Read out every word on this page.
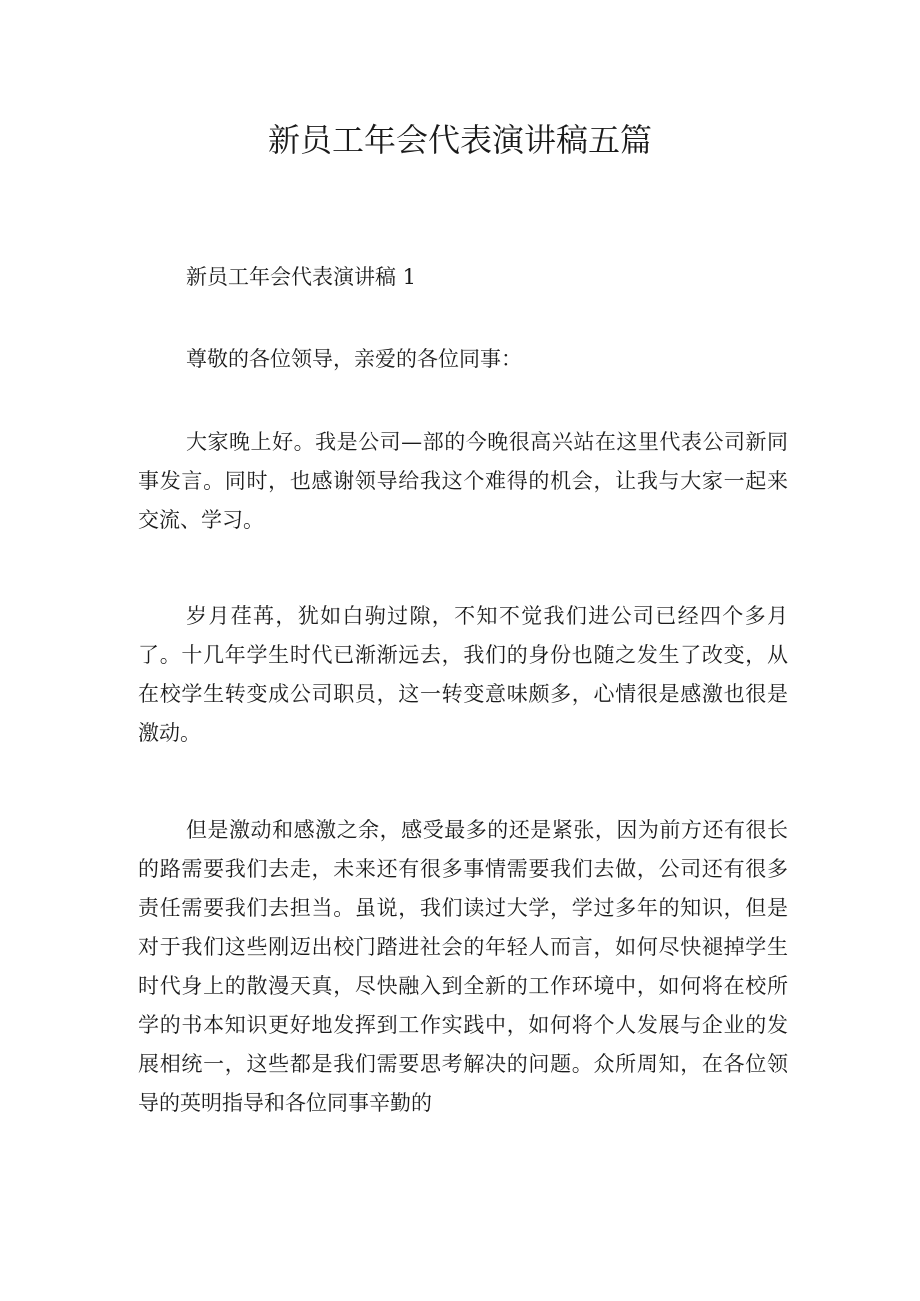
新员工年会代表演讲稿五篇

新员工年会代表演讲稿 1

尊敬的各位领导，亲爱的各位同事：

大家晚上好。我是公司—部的今晚很高兴站在这里代表公司新同事发言。同时，也感谢领导给我这个难得的机会，让我与大家一起来交流、学习。

岁月荏苒，犹如白驹过隙，不知不觉我们进公司已经四个多月了。十几年学生时代已渐渐远去，我们的身份也随之发生了改变，从在校学生转变成公司职员，这一转变意味颇多，心情很是感激也很是激动。

但是激动和感激之余，感受最多的还是紧张，因为前方还有很长的路需要我们去走，未来还有很多事情需要我们去做，公司还有很多责任需要我们去担当。虽说，我们读过大学，学过多年的知识，但是对于我们这些刚迈出校门踏进社会的年轻人而言，如何尽快褪掉学生时代身上的散漫天真，尽快融入到全新的工作环境中，如何将在校所学的书本知识更好地发挥到工作实践中，如何将个人发展与企业的发展相统一，这些都是我们需要思考解决的问题。众所周知，在各位领导的英明指导和各位同事辛勤的
